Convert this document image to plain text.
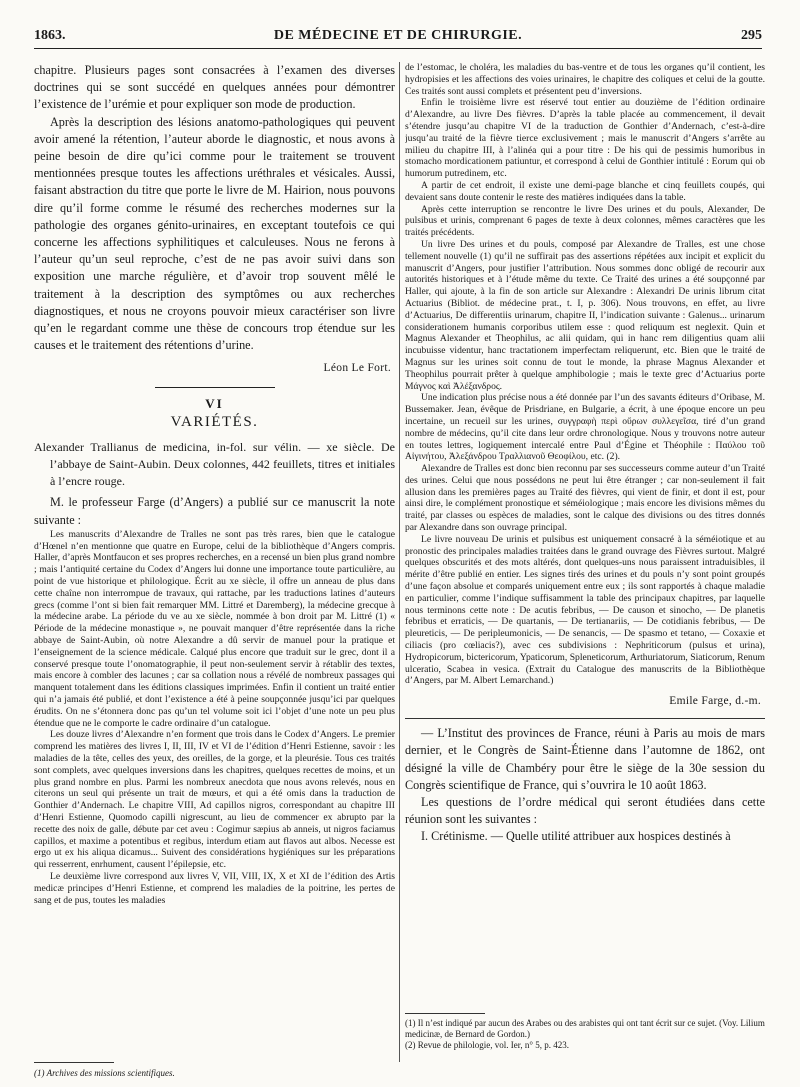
1863.	DE MÉDECINE ET DE CHIRURGIE.	295

chapitre. Plusieurs pages sont consacrées à l’examen des diverses doctrines qui se sont succédé en quelques années pour démontrer l’existence de l’urémie et pour expliquer son mode de production.

Après la description des lésions anatomo-pathologiques qui peuvent avoir amené la rétention, l’auteur aborde le diagnostic, et nous avons à peine besoin de dire qu’ici comme pour le traitement se trouvent mentionnées presque toutes les affections uréthrales et vésicales. Aussi, faisant abstraction du titre que porte le livre de M. Hairion, nous pouvons dire qu’il forme comme le résumé des recherches modernes sur la pathologie des organes génito-urinaires, en exceptant toutefois ce qui concerne les affections syphilitiques et calculeuses. Nous ne ferons à l’auteur qu’un seul reproche, c’est de ne pas avoir suivi dans son exposition une marche régulière, et d’avoir trop souvent mêlé le traitement à la description des symptômes ou aux recherches diagnostiques, et nous ne croyons pouvoir mieux caractériser son livre qu’en le regardant comme une thèse de concours trop étendue sur les causes et le traitement des rétentions d’urine.

Léon Le Fort.
VI
VARIÉTÉS.

Alexander Trallianus de medicina, in-fol. sur vélin. — xe siècle. De l’abbaye de Saint-Aubin. Deux colonnes, 442 feuillets, titres et initiales à l’encre rouge.

M. le professeur Farge (d’Angers) a publié sur ce manuscrit la note suivante :

Les manuscrits d’Alexandre de Tralles ne sont pas très rares, bien que le catalogue d’Hœnel n’en mentionne que quatre en Europe, celui de la bibliothèque d’Angers compris. Haller, d’après Montfaucon et ses propres recherches, en a recensé un bien plus grand nombre ; mais l’antiquité certaine du Codex d’Angers lui donne une importance toute particulière, au point de vue historique et philologique. Écrit au xe siècle, il offre un anneau de plus dans cette chaîne non interrompue de travaux, qui rattache, par les traductions latines d’auteurs grecs (comme l’ont si bien fait remarquer MM. Littré et Daremberg), la médecine grecque à la médecine arabe. La période du ve au xe siècle, nommée à bon droit par M. Littré (1) « Période de la médecine monastique », ne pouvait manquer d’être représentée dans la riche abbaye de Saint-Aubin, où notre Alexandre a dû servir de manuel pour la pratique et l’enseignement de la science médicale. Calqué plus encore que traduit sur le grec, dont il a conservé presque toute l’onomatographie, il peut non-seulement servir à rétablir des textes, mais encore à combler des lacunes ; car sa collation nous a révélé de nombreux passages qui manquent totalement dans les éditions classiques imprimées. Enfin il contient un traité entier qui n’a jamais été publié, et dont l’existence a été à peine soupçonnée jusqu’ici par quelques érudits. On ne s’étonnera donc pas qu’un tel volume soit ici l’objet d’une note un peu plus étendue que ne le comporte le cadre ordinaire d’un catalogue.

Les douze livres d’Alexandre n’en forment que trois dans le Codex d’Angers. Le premier comprend les matières des livres I, II, III, IV et VI de l’édition d’Henri Estienne, savoir : les maladies de la tête, celles des yeux, des oreilles, de la gorge, et la pleurésie. Tous ces traités sont complets, avec quelques inversions dans les chapitres, quelques recettes de moins, et un plus grand nombre en plus. Parmi les nombreux anecdota que nous avons relevés, nous en citerons un seul qui présente un trait de mœurs, et qui a été omis dans la traduction de Gonthier d’Andernach. Le chapitre VIII, Ad capillos nigros, correspondant au chapitre III d’Henri Estienne, Quomodo capilli nigrescunt, au lieu de commencer ex abrupto par la recette des noix de galle, débute par cet aveu : Cogimur sæpius ab anneis, ut nigros faciamus capillos, et maxime a potentibus et regibus, interdum etiam aut flavos aut albos. Necesse est ergo ut ex his aliqua dicamus... Suivent des considérations hygiéniques sur les préparations qui resserrent, enrhument, causent l’épilepsie, etc.

Le deuxième livre correspond aux livres V, VII, VIII, IX, X et XI de l’édition des Artis medicæ principes d’Henri Estienne, et comprend les maladies de la poitrine, les pertes de sang et de pus, toutes les maladies

de l’estomac, le choléra, les maladies du bas-ventre et de tous les organes qu’il contient, les hydropisies et les affections des voies urinaires, le chapitre des coliques et celui de la goutte. Ces traités sont aussi complets et présentent peu d’inversions.

Enfin le troisième livre est réservé tout entier au douzième de l’édition ordinaire d’Alexandre, au livre Des fièvres. D’après la table placée au commencement, il devait s’étendre jusqu’au chapitre VI de la traduction de Gonthier d’Andernach, c’est-à-dire jusqu’au traité de la fièvre tierce exclusivement ; mais le manuscrit d’Angers s’arrête au milieu du chapitre III, à l’alinéa qui a pour titre : De his qui de pessimis humoribus in stomacho mordicationem patiuntur, et correspond à celui de Gonthier intitulé : Eorum qui ob humorum putredinem, etc.

A partir de cet endroit, il existe une demi-page blanche et cinq feuillets coupés, qui devaient sans doute contenir le reste des matières indiquées dans la table.

Après cette interruption se rencontre le livre Des urines et du pouls, Alexander, De pulsibus et urinis, comprenant 6 pages de texte à deux colonnes, mêmes caractères que les traités précédents.

Un livre Des urines et du pouls, composé par Alexandre de Tralles, est une chose tellement nouvelle (1) qu’il ne suffirait pas des assertions répétées aux incipit et explicit du manuscrit d’Angers, pour justifier l’attribution. Nous sommes donc obligé de recourir aux autorités historiques et à l’étude même du texte. Ce Traité des urines a été soupçonné par Haller, qui ajoute, à la fin de son article sur Alexandre : Alexandri De urinis librum citat Actuarius (Bibliot. de médecine prat., t. I, p. 306). Nous trouvons, en effet, au livre d’Actuarius, De differentiis urinarum, chapitre II, l’indication suivante : Galenus... urinarum considerationem humanis corporibus utilem esse : quod reliquum est neglexit. Quin et Magnus Alexander et Theophilus, ac alii quidam, qui in hanc rem diligentius quam alii incubuisse videntur, hanc tractationem imperfectam reliquerunt, etc. Bien que le traité de Magnus sur les urines soit connu de tout le monde, la phrase Magnus Alexander et Theophilus pourrait prêter à quelque amphibologie ; mais le texte grec d’Actuarius porte Μάγνος καὶ Ἀλέξανδρος.

Une indication plus précise nous a été donnée par l’un des savants éditeurs d’Oribase, M. Bussemaker. Jean, évêque de Prisdriane, en Bulgarie, a écrit, à une époque encore un peu incertaine, un recueil sur les urines, συγγραφὴ περὶ οὔρων συλλεγεῖσα, tiré d’un grand nombre de médecins, qu’il cite dans leur ordre chronologique. Nous y trouvons notre auteur en toutes lettres, logiquement intercalé entre Paul d’Égine et Théophile : Παύλου τοῦ Αἰγινήτου, Ἀλεξάνδρου Τραλλιανοῦ Θεοφίλου, etc. (2).

Alexandre de Tralles est donc bien reconnu par ses successeurs comme auteur d’un Traité des urines. Celui que nous possédons ne peut lui être étranger ; car non-seulement il fait allusion dans les premières pages au Traité des fièvres, qui vient de finir, et dont il est, pour ainsi dire, le complément pronostique et séméiologique ; mais encore les divisions mêmes du traité, par classes ou espèces de maladies, sont le calque des divisions ou des titres donnés par Alexandre dans son ouvrage principal.

Le livre nouveau De urinis et pulsibus est uniquement consacré à la séméiotique et au pronostic des principales maladies traitées dans le grand ouvrage des Fièvres surtout. Malgré quelques obscurités et des mots altérés, dont quelques-uns nous paraissent intraduisibles, il mérite d’être publié en entier. Les signes tirés des urines et du pouls n’y sont point groupés d’une façon absolue et comparés uniquement entre eux ; ils sont rapportés à chaque maladie en particulier, comme l’indique suffisamment la table des principaux chapitres, par laquelle nous terminons cette note : De acutis febribus, — De causon et sinocho, — De planetis febribus et erraticis, — De quartanis, — De tertianariis, — De cotidianis febribus, — De pleureticis, — De peripleumonicis, — De senancis, — De spasmo et tetano, — Coxaxie et ciliacis (pro cœliacis?), avec ces subdivisions : Nephriticorum (pulsus et urina), Hydropicorum, bictericorum, Ypaticorum, Spleneticorum, Arthuriatorum, Siaticorum, Renum ulceratio, Scabea in vesica. (Extrait du Catalogue des manuscrits de la Bibliothèque d’Angers, par M. Albert Lemarchand.)

Emile Farge, d.-m.

— L’Institut des provinces de France, réuni à Paris au mois de mars dernier, et le Congrès de Saint-Étienne dans l’automne de 1862, ont désigné la ville de Chambéry pour être le siège de la 30e session du Congrès scientifique de France, qui s’ouvrira le 10 août 1863.

Les questions de l’ordre médical qui seront étudiées dans cette réunion sont les suivantes :

I. Crétinisme. — Quelle utilité attribuer aux hospices destinés à

(1) Il n’est indiqué par aucun des Arabes ou des arabistes qui ont tant écrit sur ce sujet. (Voy. Lilium medicinæ, de Bernard de Gordon.)
(2) Revue de philologie, vol. Ier, n° 5, p. 423.
(1) Archives des missions scientifiques.
